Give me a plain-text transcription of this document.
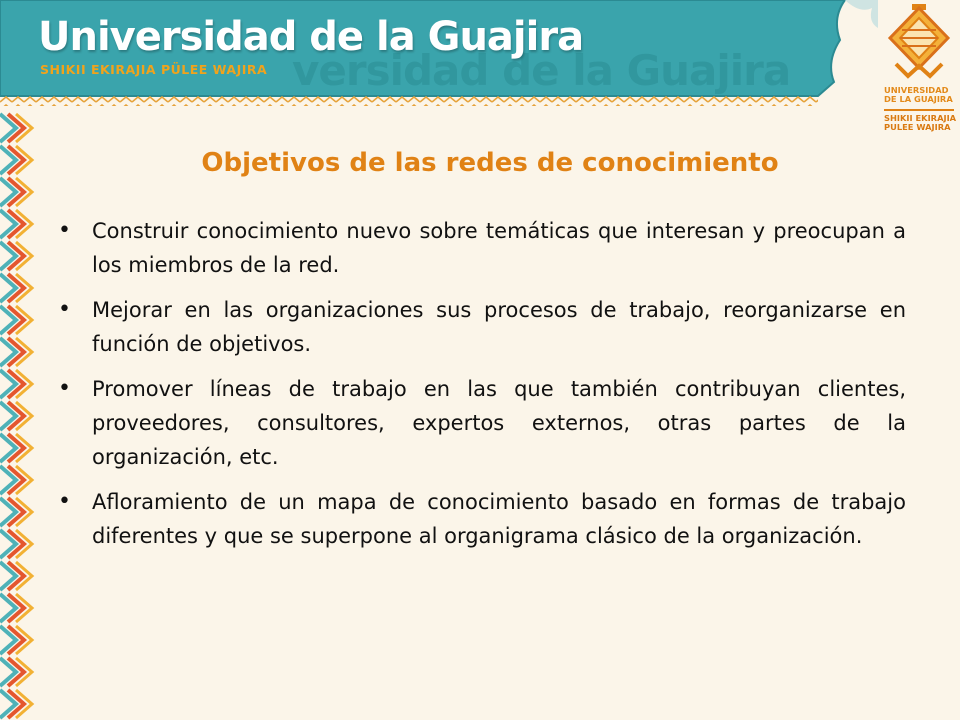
versidad de la Guajira
Universidad de la Guajira
SHIKII EKIRAJIA PÜLEE WAJIRA
UNIVERSIDAD
DE LA GUAJIRA
SHIKII EKIRAJIA
PULEE WAJIRA
Objetivos de las redes de conocimiento
• Construir conocimiento nuevo sobre temáticas que interesan y preocupan a los miembros de la red.
• Mejorar en las organizaciones sus procesos de trabajo, reorganizarse en función de objetivos.
• Promover líneas de trabajo en las que también contribuyan clientes, proveedores, consultores, expertos externos, otras partes de la organización, etc.
• Afloramiento de un mapa de conocimiento basado en formas de trabajo diferentes y que se superpone al organigrama clásico de la organización.
